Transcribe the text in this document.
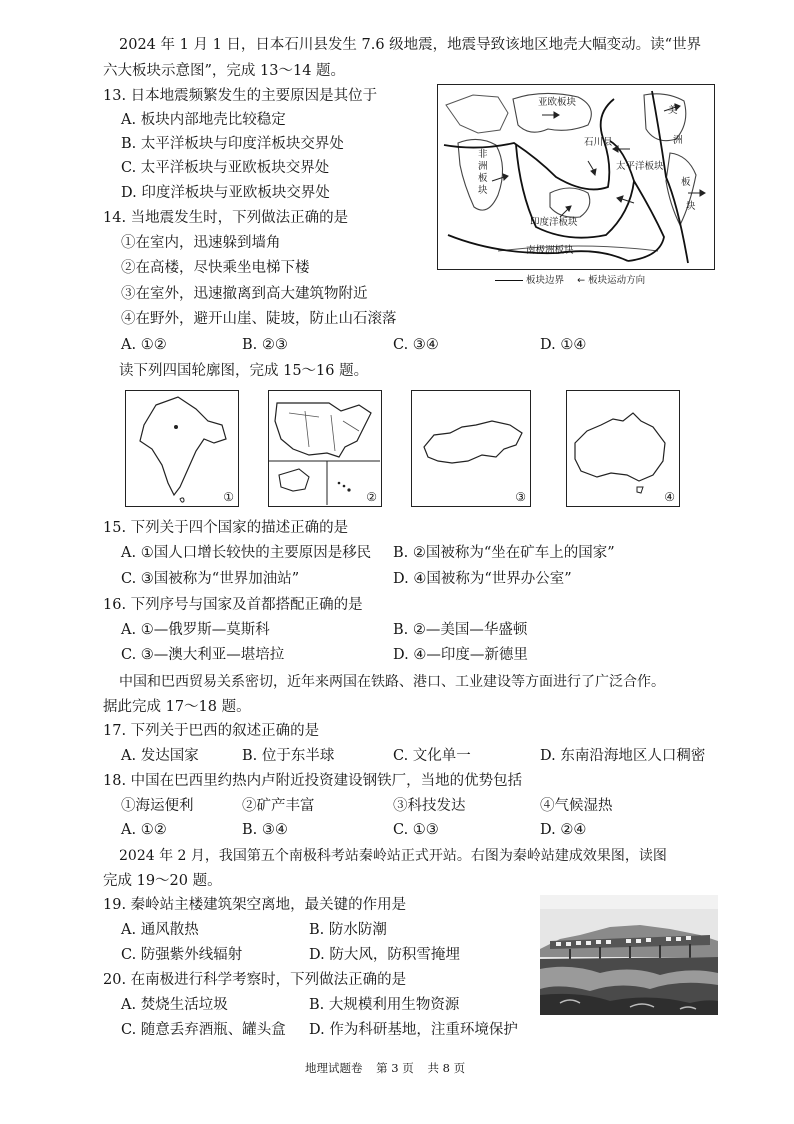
2024 年 1 月 1 日，日本石川县发生 7.6 级地震，地震导致该地区地壳大幅变动。读“世界
六大板块示意图”，完成 13～14 题。
13. 日本地震频繁发生的主要原因是其位于
A. 板块内部地壳比较稳定
B. 太平洋板块与印度洋板块交界处
C. 太平洋板块与亚欧板块交界处
D. 印度洋板块与亚欧板块交界处
14. 当地震发生时，下列做法正确的是
①在室内，迅速躲到墙角
②在高楼，尽快乘坐电梯下楼
③在室外，迅速撤离到高大建筑物附近
④在野外，避开山崖、陡坡，防止山石滚落
A. ①②	B. ②③	C. ③④	D. ①④
亚欧板块
美
洲
板
块
石川县
非
洲
板
块
太平洋板块
印度洋板块
南极洲板块
板块边界 ← 板块运动方向
读下列四国轮廓图，完成 15～16 题。
①	②	③	④
15. 下列关于四个国家的描述正确的是
A. ①国人口增长较快的主要原因是移民 B. ②国被称为“坐在矿车上的国家”
C. ③国被称为“世界加油站”	D. ④国被称为“世界办公室”
16. 下列序号与国家及首都搭配正确的是
A. ①—俄罗斯—莫斯科	B. ②—美国—华盛顿
C. ③—澳大利亚—堪培拉	D. ④—印度—新德里
中国和巴西贸易关系密切，近年来两国在铁路、港口、工业建设等方面进行了广泛合作。
据此完成 17～18 题。
17. 下列关于巴西的叙述正确的是
A. 发达国家	B. 位于东半球	C. 文化单一	D. 东南沿海地区人口稠密
18. 中国在巴西里约热内卢附近投资建设钢铁厂，当地的优势包括
①海运便利	②矿产丰富	③科技发达	④气候湿热
A. ①②	B. ③④	C. ①③	D. ②④
2024 年 2 月，我国第五个南极科考站秦岭站正式开站。右图为秦岭站建成效果图，读图
完成 19～20 题。
19. 秦岭站主楼建筑架空离地，最关键的作用是
A. 通风散热	B. 防水防潮
C. 防强紫外线辐射	D. 防大风，防积雪掩埋
20. 在南极进行科学考察时，下列做法正确的是
A. 焚烧生活垃圾	B. 大规模利用生物资源
C. 随意丢弃酒瓶、罐头盒 D. 作为科研基地，注重环境保护
地理试题卷 第 3 页 共 8 页
